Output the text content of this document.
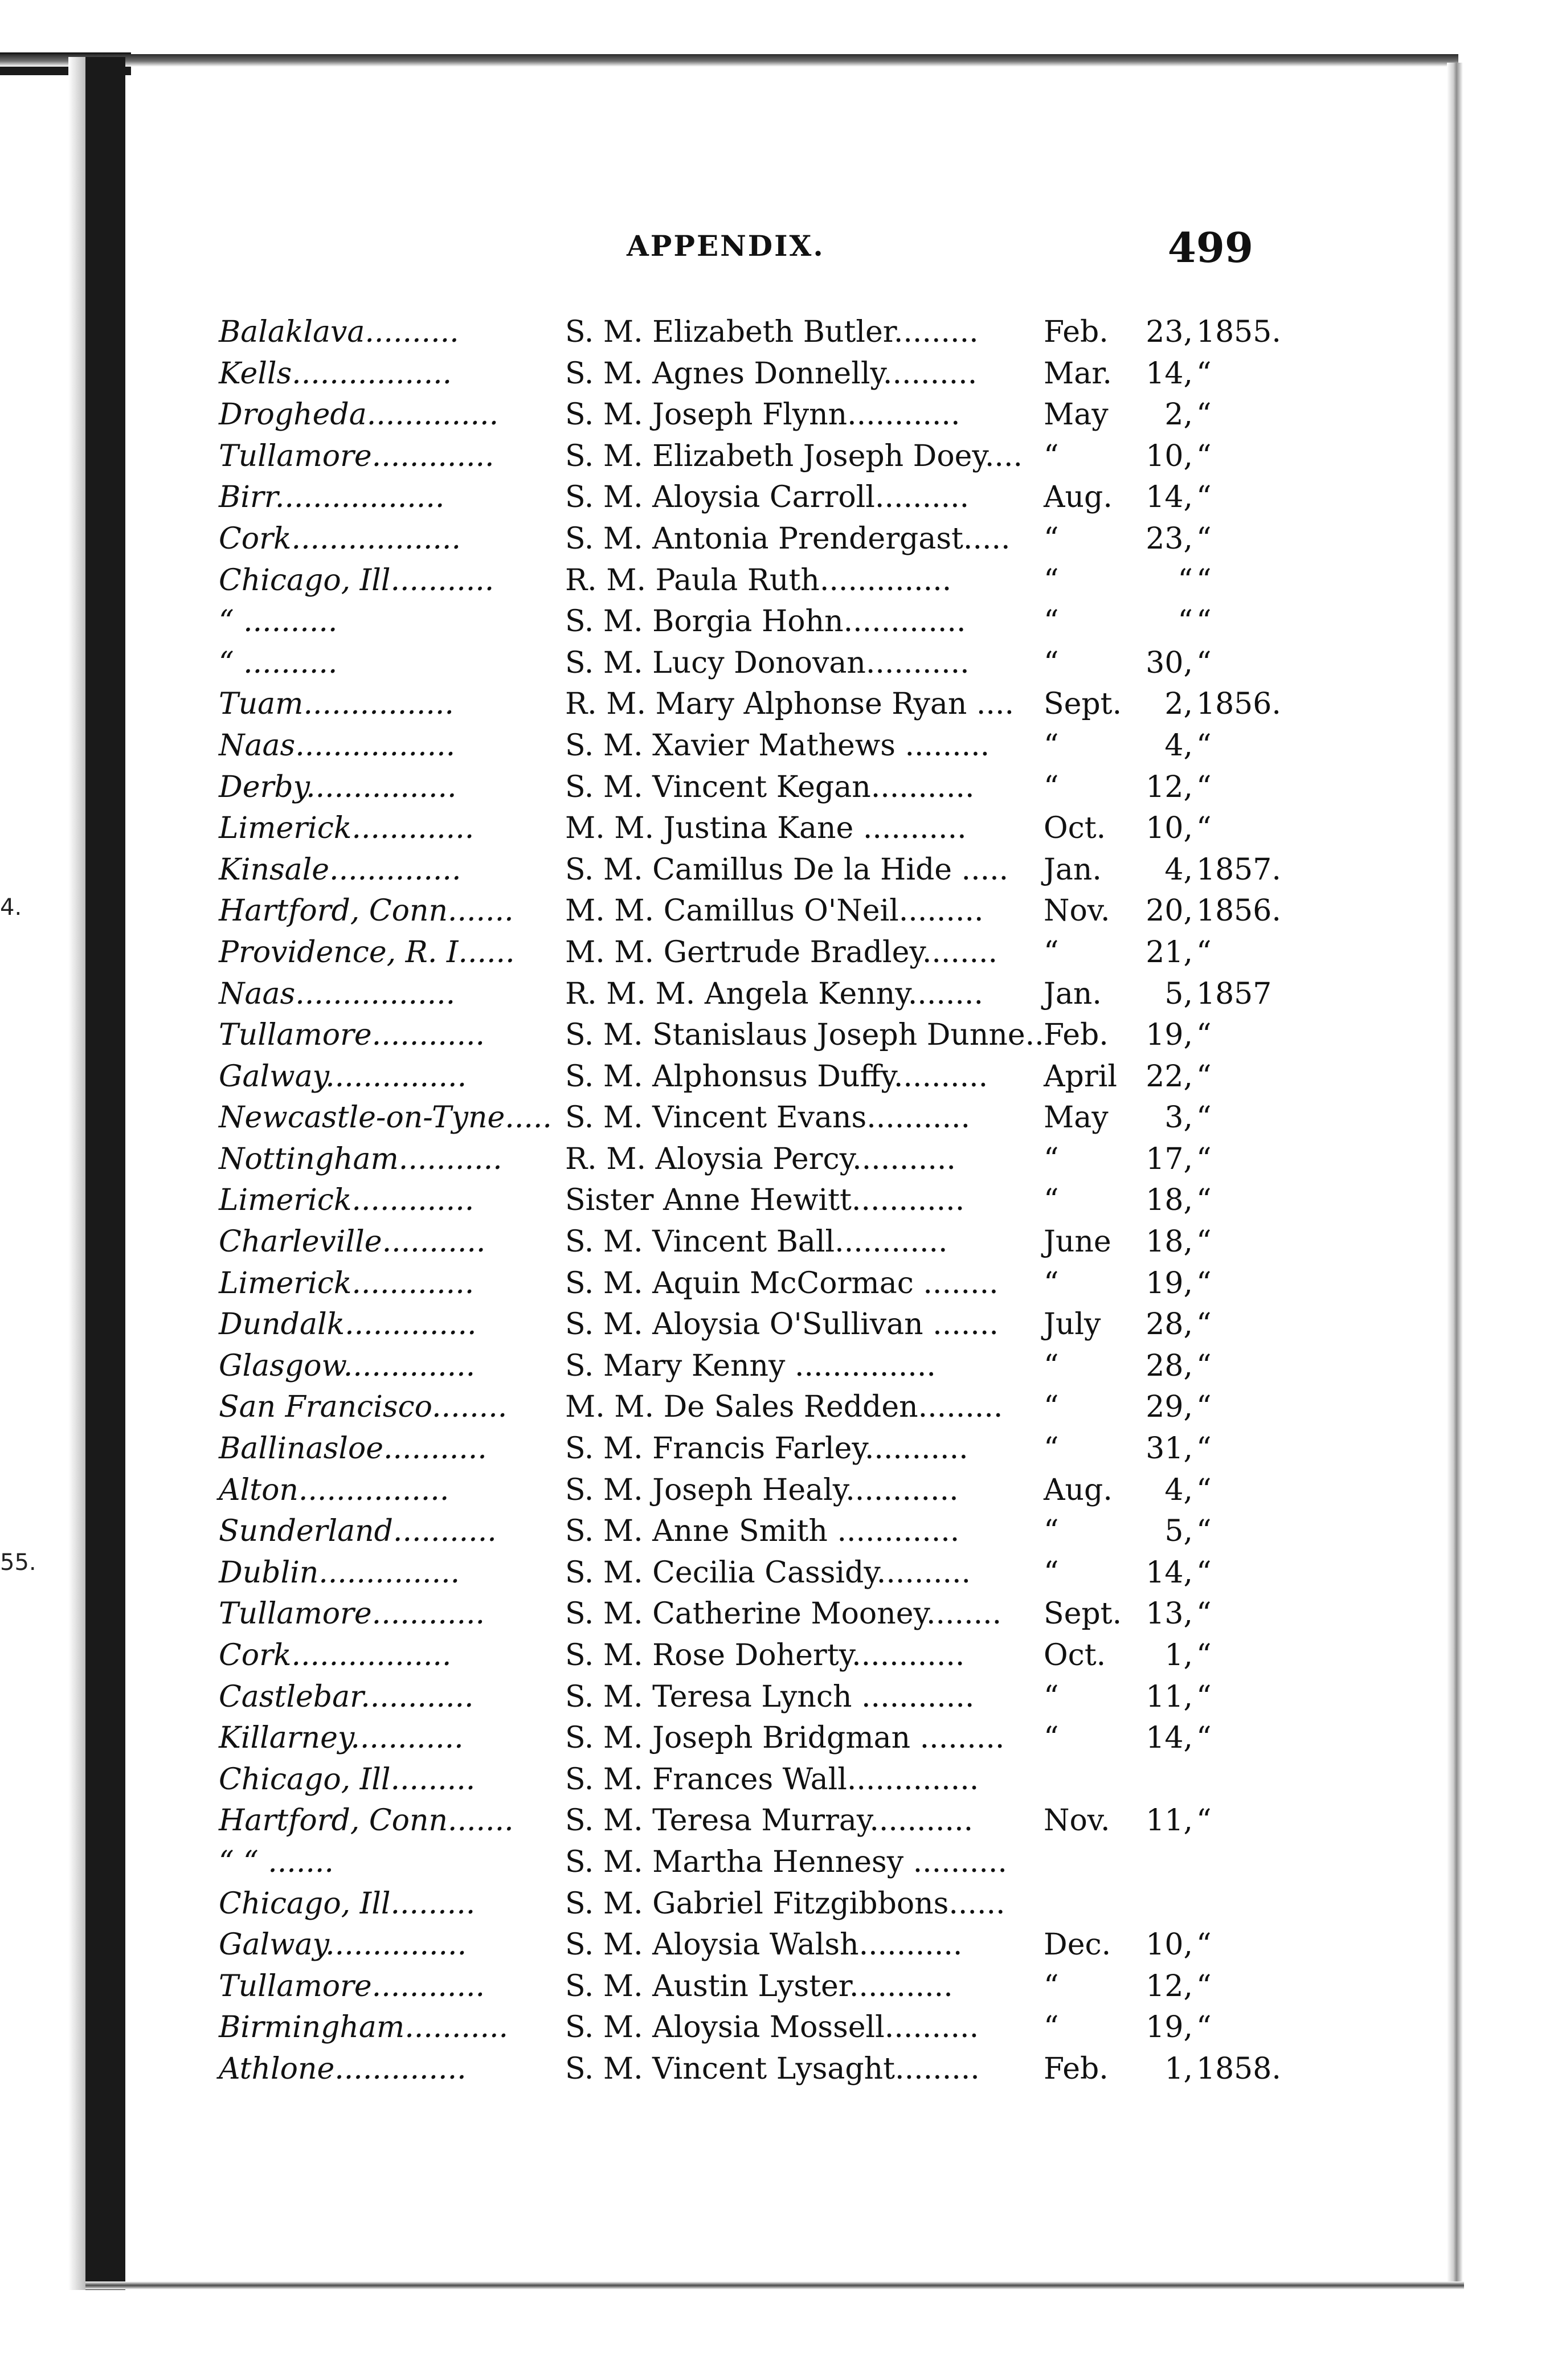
4.
55.
APPENDIX.	499
Balaklava..........	S. M. Elizabeth Butler.........	Feb.	23, 1855.
Kells.................	S. M. Agnes Donnelly..........	Mar.	14, “
Drogheda..............	S. M. Joseph Flynn............	May	2, “
Tullamore.............	S. M. Elizabeth Joseph Doey.... “	10, “
Birr..................	S. M. Aloysia Carroll..........	Aug.	14, “
Cork..................	S. M. Antonia Prendergast.....	“	23, “
Chicago, Ill...........	R. M. Paula Ruth..............	“	“ “
“ ..........	S. M. Borgia Hohn.............	“	“ “
“ ..........	S. M. Lucy Donovan...........	“	30, “
Tuam................	R. M. Mary Alphonse Ryan .... Sept.	2, 1856.
Naas.................	S. M. Xavier Mathews .........	“	4, “
Derby................	S. M. Vincent Kegan...........	“	12, “
Limerick.............	M. M. Justina Kane ...........	Oct.	10, “
Kinsale..............	S. M. Camillus De la Hide .....	Jan.	4, 1857.
Hartford, Conn.......	M. M. Camillus O'Neil.........	Nov.	20, 1856.
Providence, R. I......	M. M. Gertrude Bradley........	“	21, “
Naas.................	R. M. M. Angela Kenny........	Jan.	5, 1857
Tullamore............	S. M. Stanislaus Joseph Dunne.. Feb.	19, “
Galway...............	S. M. Alphonsus Duffy..........	April 22, “
Newcastle-on-Tyne..... S. M. Vincent Evans...........	May	3, “
Nottingham...........	R. M. Aloysia Percy...........	“	17, “
Limerick.............	Sister Anne Hewitt............	“	18, “
Charleville...........	S. M. Vincent Ball............	June	18, “
Limerick.............	S. M. Aquin McCormac ........	“	19, “
Dundalk..............	S. M. Aloysia O'Sullivan .......	July	28, “
Glasgow..............	S. Mary Kenny ...............	“	28, “
San Francisco........	M. M. De Sales Redden.........	“	29, “
Ballinasloe...........	S. M. Francis Farley...........	“	31, “
Alton................	S. M. Joseph Healy............	Aug.	4, “
Sunderland...........	S. M. Anne Smith .............	“	5, “
Dublin...............	S. M. Cecilia Cassidy..........	“	14, “
Tullamore............	S. M. Catherine Mooney........	Sept. 13, “
Cork.................	S. M. Rose Doherty............	Oct.	1, “
Castlebar............	S. M. Teresa Lynch ............	“	11, “
Killarney............	S. M. Joseph Bridgman .........	“	14, “
Chicago, Ill.........	S. M. Frances Wall..............
Hartford, Conn.......	S. M. Teresa Murray...........	Nov.	11, “
“ “ .......	S. M. Martha Hennesy ..........
Chicago, Ill.........	S. M. Gabriel Fitzgibbons......
Galway...............	S. M. Aloysia Walsh...........	Dec.	10, “
Tullamore............	S. M. Austin Lyster...........	“	12, “
Birmingham...........	S. M. Aloysia Mossell..........	“	19, “
Athlone..............	S. M. Vincent Lysaght.........	Feb.	1, 1858.
